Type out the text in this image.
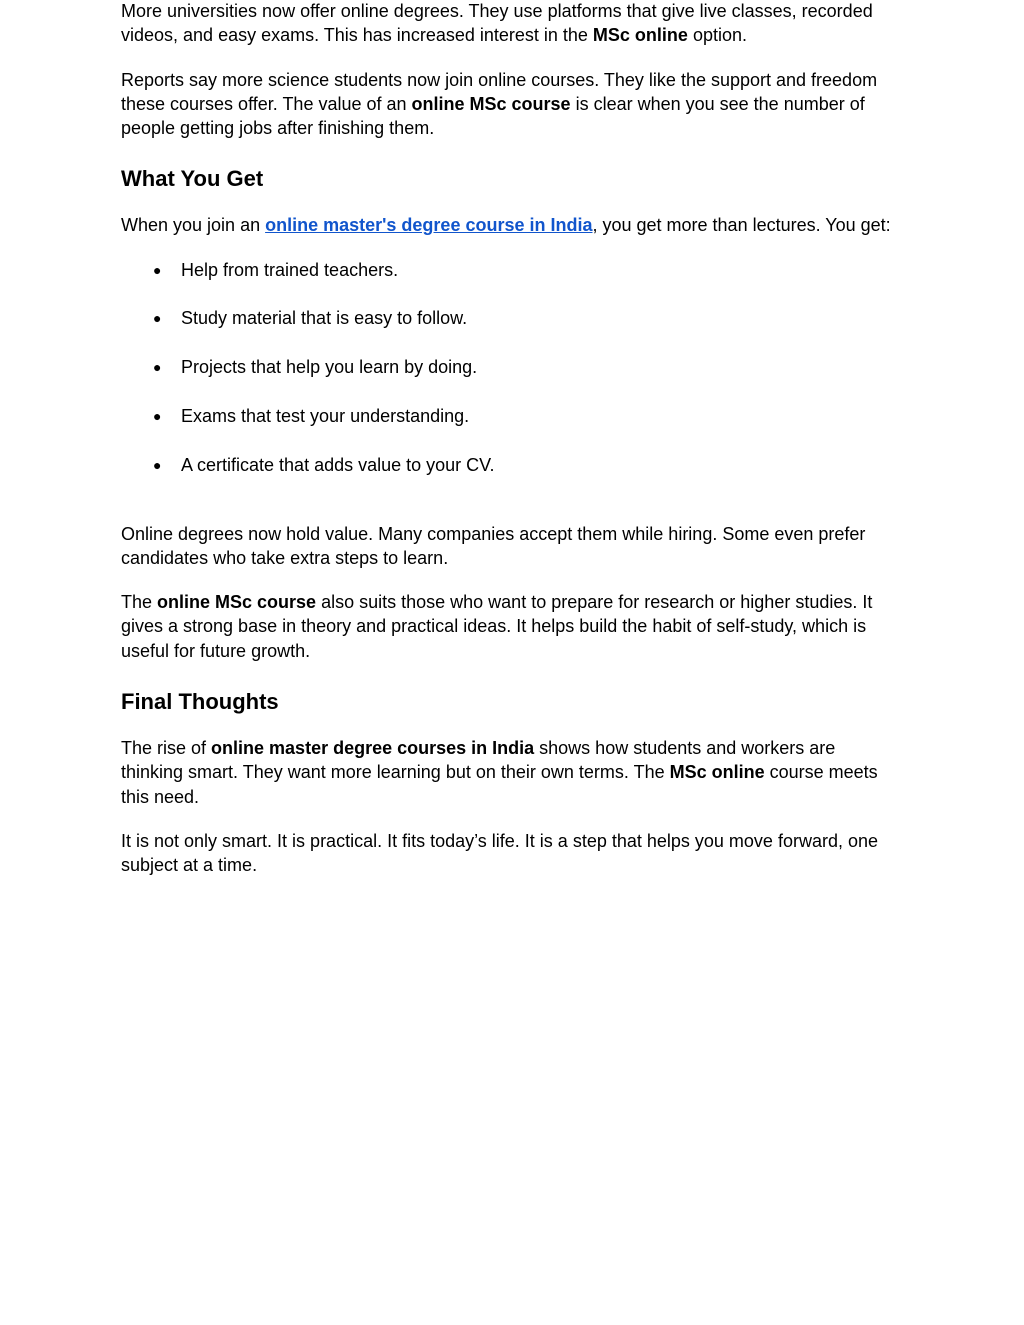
More universities now offer online degrees. They use platforms that give live classes, recorded videos, and easy exams. This has increased interest in the MSc online option.

Reports say more science students now join online courses. They like the support and freedom these courses offer. The value of an online MSc course is clear when you see the number of people getting jobs after finishing them.

What You Get

When you join an online master's degree course in India, you get more than lectures. You get:

● Help from trained teachers.
● Study material that is easy to follow.
● Projects that help you learn by doing.
● Exams that test your understanding.
● A certificate that adds value to your CV.

Online degrees now hold value. Many companies accept them while hiring. Some even prefer candidates who take extra steps to learn.

The online MSc course also suits those who want to prepare for research or higher studies. It gives a strong base in theory and practical ideas. It helps build the habit of self-study, which is useful for future growth.

Final Thoughts

The rise of online master degree courses in India shows how students and workers are thinking smart. They want more learning but on their own terms. The MSc online course meets this need.

It is not only smart. It is practical. It fits today’s life. It is a step that helps you move forward, one subject at a time.
